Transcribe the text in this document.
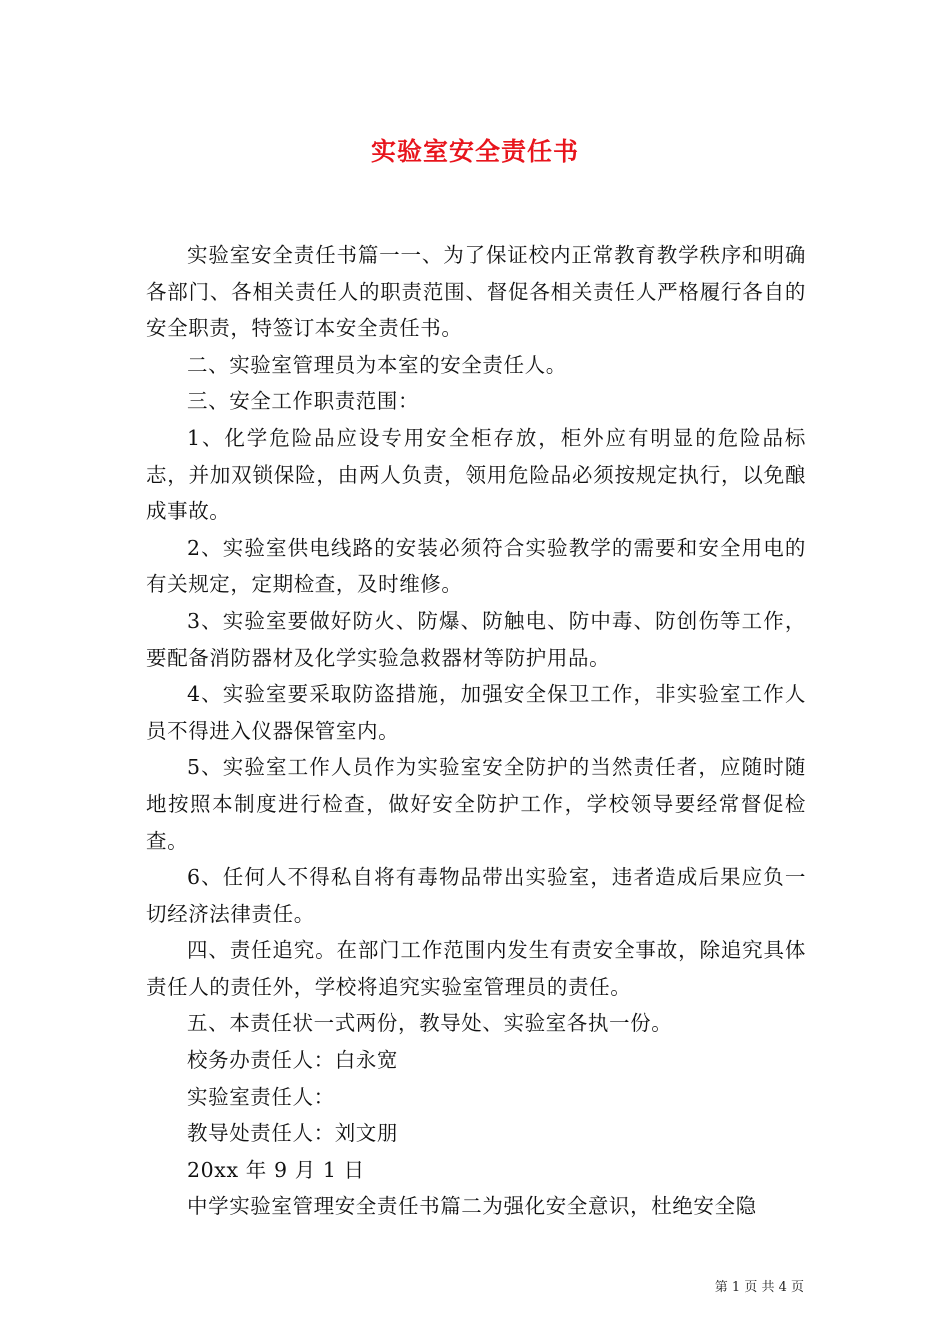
实验室安全责任书

实验室安全责任书篇一一、为了保证校内正常教育教学秩序和明确各部门、各相关责任人的职责范围、督促各相关责任人严格履行各自的安全职责，特签订本安全责任书。

二、实验室管理员为本室的安全责任人。

三、安全工作职责范围：

1、化学危险品应设专用安全柜存放，柜外应有明显的危险品标志，并加双锁保险，由两人负责，领用危险品必须按规定执行，以免酿成事故。

2、实验室供电线路的安装必须符合实验教学的需要和安全用电的有关规定，定期检查，及时维修。

3、实验室要做好防火、防爆、防触电、防中毒、防创伤等工作，要配备消防器材及化学实验急救器材等防护用品。

4、实验室要采取防盗措施，加强安全保卫工作，非实验室工作人员不得进入仪器保管室内。

5、实验室工作人员作为实验室安全防护的当然责任者，应随时随地按照本制度进行检查，做好安全防护工作，学校领导要经常督促检查。

6、任何人不得私自将有毒物品带出实验室，违者造成后果应负一切经济法律责任。

四、责任追究。在部门工作范围内发生有责安全事故，除追究具体责任人的责任外，学校将追究实验室管理员的责任。

五、本责任状一式两份，教导处、实验室各执一份。

校务办责任人：白永宽

实验室责任人：

教导处责任人：刘文朋

20xx 年 9 月 1 日

中学实验室管理安全责任书篇二为强化安全意识，杜绝安全隐

第 1 页 共 4 页
